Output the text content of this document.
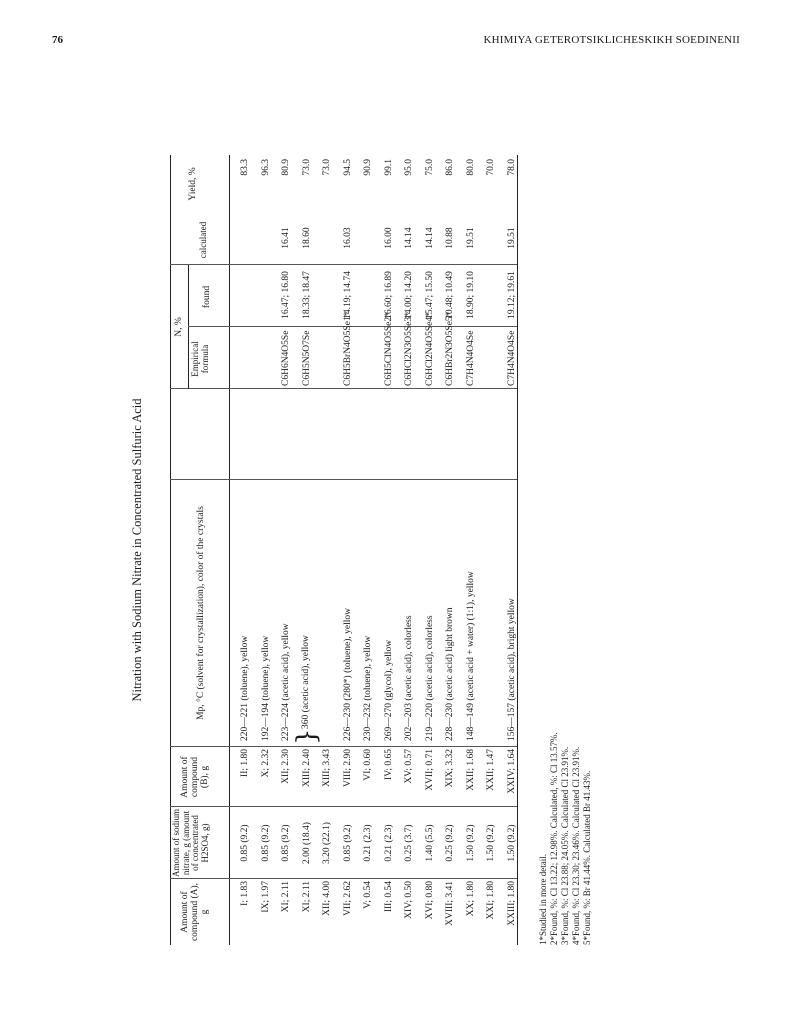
76	KHIMIYA GETEROTSIKLICHESKIKH SOEDINENII
Nitration with Sodium Nitrate in Concentrated Sulfuric Acid
Amount of compound (A), g
Amount of sodium nitrate, g (amount of concentrated H2SO4, g)
Amount of compound (B), g
Mp, °C (solvent for crystallization), color of the crystals
Empirical formula
N, %
found
calculated
Yield, %
I; 1.83
0.85 (9.2)
II; 1.80
220—221 (toluene), yellow
83.3
IX; 1.97
0.85 (9.2)
X; 2.32
192—194 (toluene), yellow
96.3
XI; 2.11
0.85 (9.2)
XII; 2.30
223—224 (acetic acid), yellow
C6H6N4O5Se
16.47; 16.80
16.41
80.9
XI; 2.11
2.00 (18.4)
XIII; 2.40
C6H5N5O7Se
18.33; 18.47
18.60
73.0
XII; 4.00
3.20 (22.1)
XIII; 3.43
73.0
VII; 2.62
0.85 (9.2)
VIII; 2.90
226—230 (280*) (toluene), yellow
C6H5BrN4O5Se1*
14.19; 14.74
16.03
94.5
V; 0.54
0.21 (2.3)
VI; 0.60
230—232 (toluene), yellow
90.9
III; 0.54
0.21 (2.3)
IV; 0.65
269—270 (glycol), yellow
C6H5ClN4O5Se2*
16.60; 16.89
16.00
99.1
XIV; 0.50
0.25 (3.7)
XV; 0.57
202—203 (acetic acid), colorless
C6HCl2N3O5Se3*
14.00; 14.20
14.14
95.0
XVI; 0.80
1.40 (5.5)
XVII; 0.71
219—220 (acetic acid), colorless
C6HCl2N4O5Se4*
15.47; 15.50
14.14
75.0
XVIII; 3.41
0.25 (9.2)
XIX; 3.32
228—230 (acetic acid) light brown
C6HBr2N3O5Se5*
10.48; 10.49
10.88
86.0
XX; 1.80
1.50 (9.2)
XXII; 1.68
148—149 (acetic acid + water) (1:1), yellow
C7H4N4O4Se
18.90; 19.10
19.51
80.0
XXI; 1.80
1.50 (9.2)
XXII; 1.47
70.0
XXIII; 1.80
1.50 (9.2)
XXIV; 1.64
156—157 (acetic acid), bright yellow
C7H4N4O4Se
19.12; 19.61
19.51
78.0
}
360 (acetic acid), yellow
1*Studied in more detail. 2*Found, %: Cl 13.22; 12.98%. Calculated, %: Cl 13.57%. 3*Found, %: Cl 23.88; 24.05%. Calculated Cl 23.91%. 4*Found, %: Cl 23.30; 23.46%. Calculated Cl 23.91%. 5*Found, %: Br 41.44%. Calculated Br 41.43%.
